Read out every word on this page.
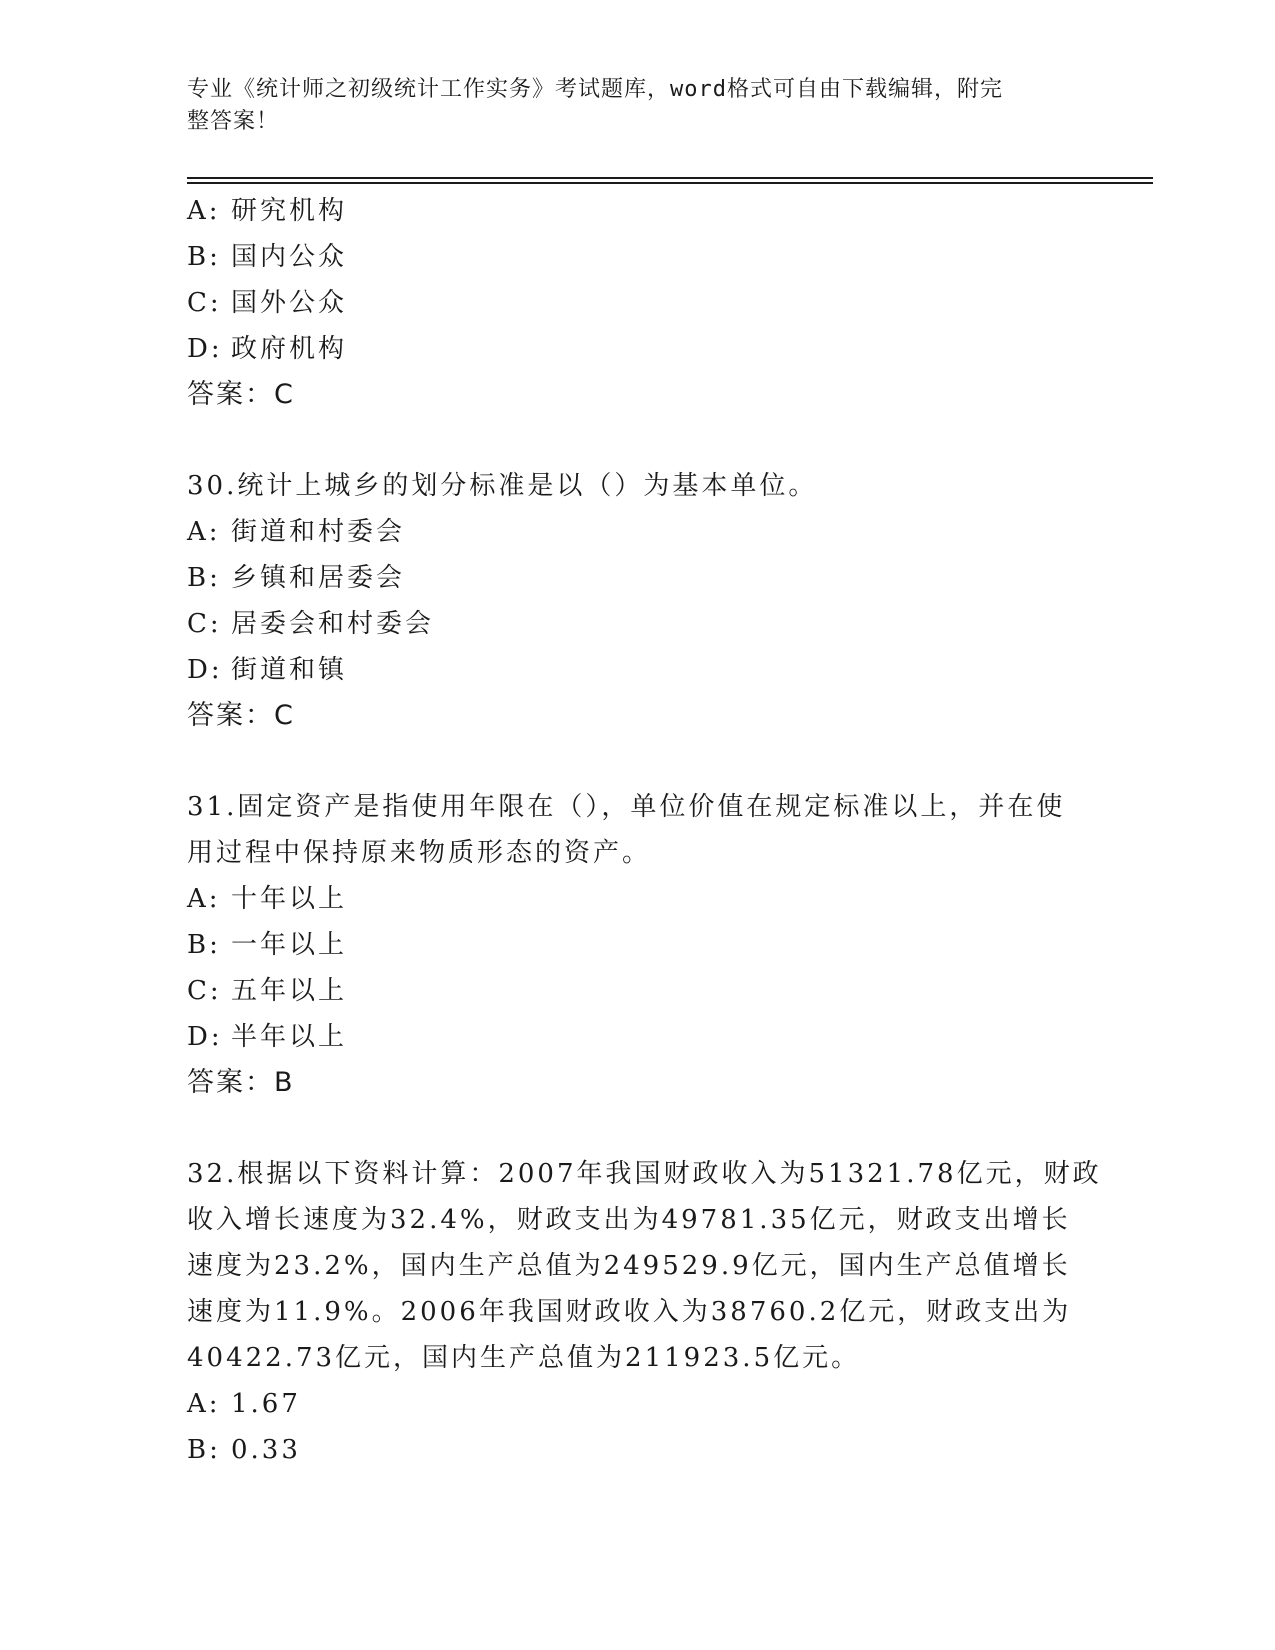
专业《统计师之初级统计工作实务》考试题库，word格式可自由下载编辑，附完
整答案！
A: 研究机构
B: 国内公众
C: 国外公众
D: 政府机构
答案：C
30.统计上城乡的划分标准是以（）为基本单位。
A: 街道和村委会
B: 乡镇和居委会
C: 居委会和村委会
D: 街道和镇
答案：C
31.固定资产是指使用年限在（），单位价值在规定标准以上，并在使
用过程中保持原来物质形态的资产。
A: 十年以上
B: 一年以上
C: 五年以上
D: 半年以上
答案：B
32.根据以下资料计算：2007年我国财政收入为51321.78亿元，财政
收入增长速度为32.4%，财政支出为49781.35亿元，财政支出增长
速度为23.2%，国内生产总值为249529.9亿元，国内生产总值增长
速度为11.9%。2006年我国财政收入为38760.2亿元，财政支出为
40422.73亿元，国内生产总值为211923.5亿元。
A: 1.67
B: 0.33
